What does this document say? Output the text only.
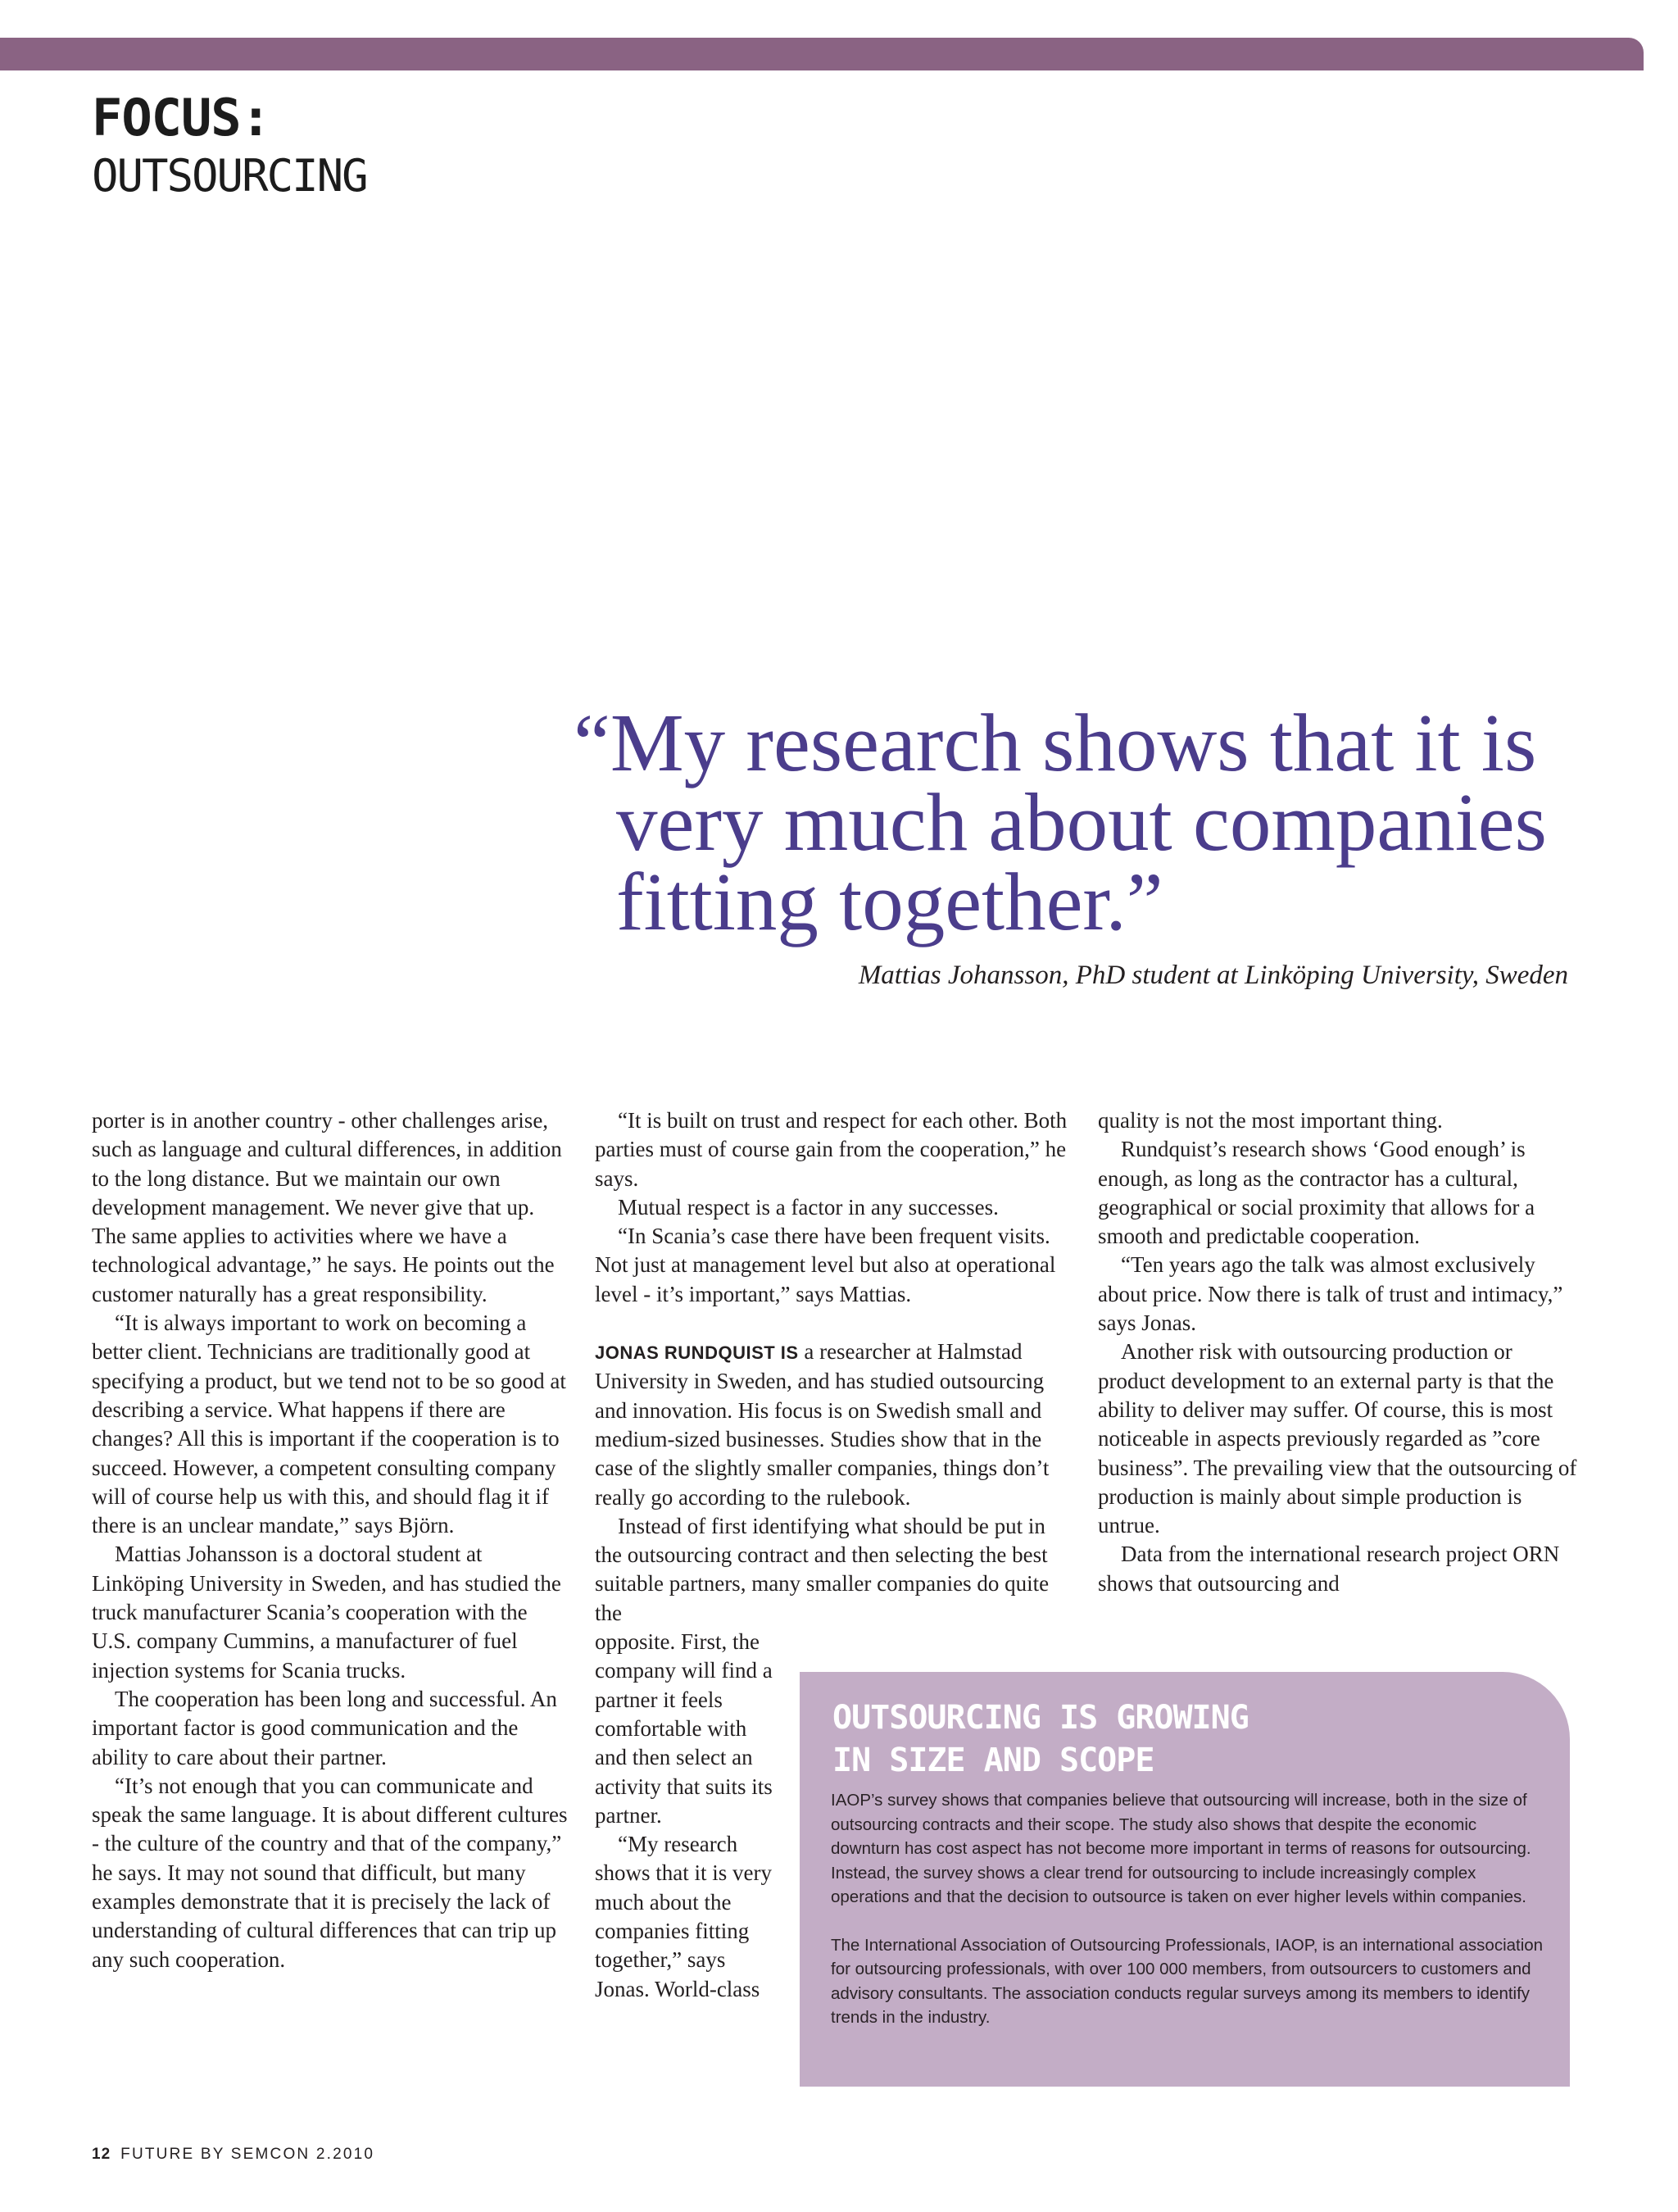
FOCUS:
OUTSOURCING
“My research shows that it is
very much about companies
fitting together.”
Mattias Johansson, PhD student at Linköping University, Sweden

porter is in another country - other challenges arise, such as language and cultural differences, in addition to the long distance. But we maintain our own development management. We never give that up. The same applies to activities where we have a technological advantage,” he says. He points out the customer naturally has a great responsibility.

“It is always important to work on becoming a better client. Technicians are traditionally good at specifying a product, but we tend not to be so good at describing a service. What happens if there are changes? All this is important if the cooperation is to succeed. However, a competent consulting company will of course help us with this, and should flag it if there is an unclear mandate,” says Björn.

Mattias Johansson is a doctoral student at Linköping University in Sweden, and has studied the truck manufacturer Scania’s cooperation with the U.S. company Cummins, a manufacturer of fuel injection systems for Scania trucks.

The cooperation has been long and successful. An important factor is good communication and the ability to care about their partner.

“It’s not enough that you can communicate and speak the same language. It is about different cultures - the culture of the country and that of the company,” he says. It may not sound that difficult, but many examples demonstrate that it is precisely the lack of understanding of cultural differences that can trip up any such cooperation.

“It is built on trust and respect for each other. Both parties must of course gain from the cooperation,” he says.

Mutual respect is a factor in any successes.

“In Scania’s case there have been frequent visits. Not just at management level but also at operational level - it’s important,” says Mattias.

JONAS RUNDQUIST IS a researcher at Halmstad University in Sweden, and has studied outsourcing and innovation. His focus is on Swedish small and medium-sized businesses. Studies show that in the case of the slightly smaller companies, things don’t really go according to the rulebook.

Instead of first identifying what should be put in the outsourcing contract and then selecting the best suitable partners, many smaller companies do quite the

opposite. First, the company will find a partner it feels comfortable with and then select an activity that suits its partner.

“My research shows that it is very much about the companies fitting together,” says Jonas. World-class

quality is not the most important thing.

Rundquist’s research shows ‘Good enough’ is enough, as long as the contractor has a cultural, geographical or social proximity that allows for a smooth and predictable cooperation.

“Ten years ago the talk was almost exclusively about price. Now there is talk of trust and intimacy,” says Jonas.

Another risk with outsourcing production or product development to an external party is that the ability to deliver may suffer. Of course, this is most noticeable in aspects previously regarded as ”core business”. The prevailing view that the outsourcing of production is mainly about simple production is untrue.

Data from the international research project ORN shows that outsourcing and

OUTSOURCING IS GROWING
IN SIZE AND SCOPE

IAOP’s survey shows that companies believe that outsourcing will increase, both in the size of outsourcing contracts and their scope. The study also shows that despite the economic downturn has cost aspect has not become more important in terms of reasons for outsourcing. Instead, the survey shows a clear trend for outsourcing to include increasingly complex operations and that the decision to outsource is taken on ever higher levels within companies.

The International Association of Outsourcing Professionals, IAOP, is an international association for outsourcing professionals, with over 100 000 members, from outsourcers to customers and advisory consultants. The association conducts regular surveys among its members to identify trends in the industry.

12 FUTURE BY SEMCON 2.2010
